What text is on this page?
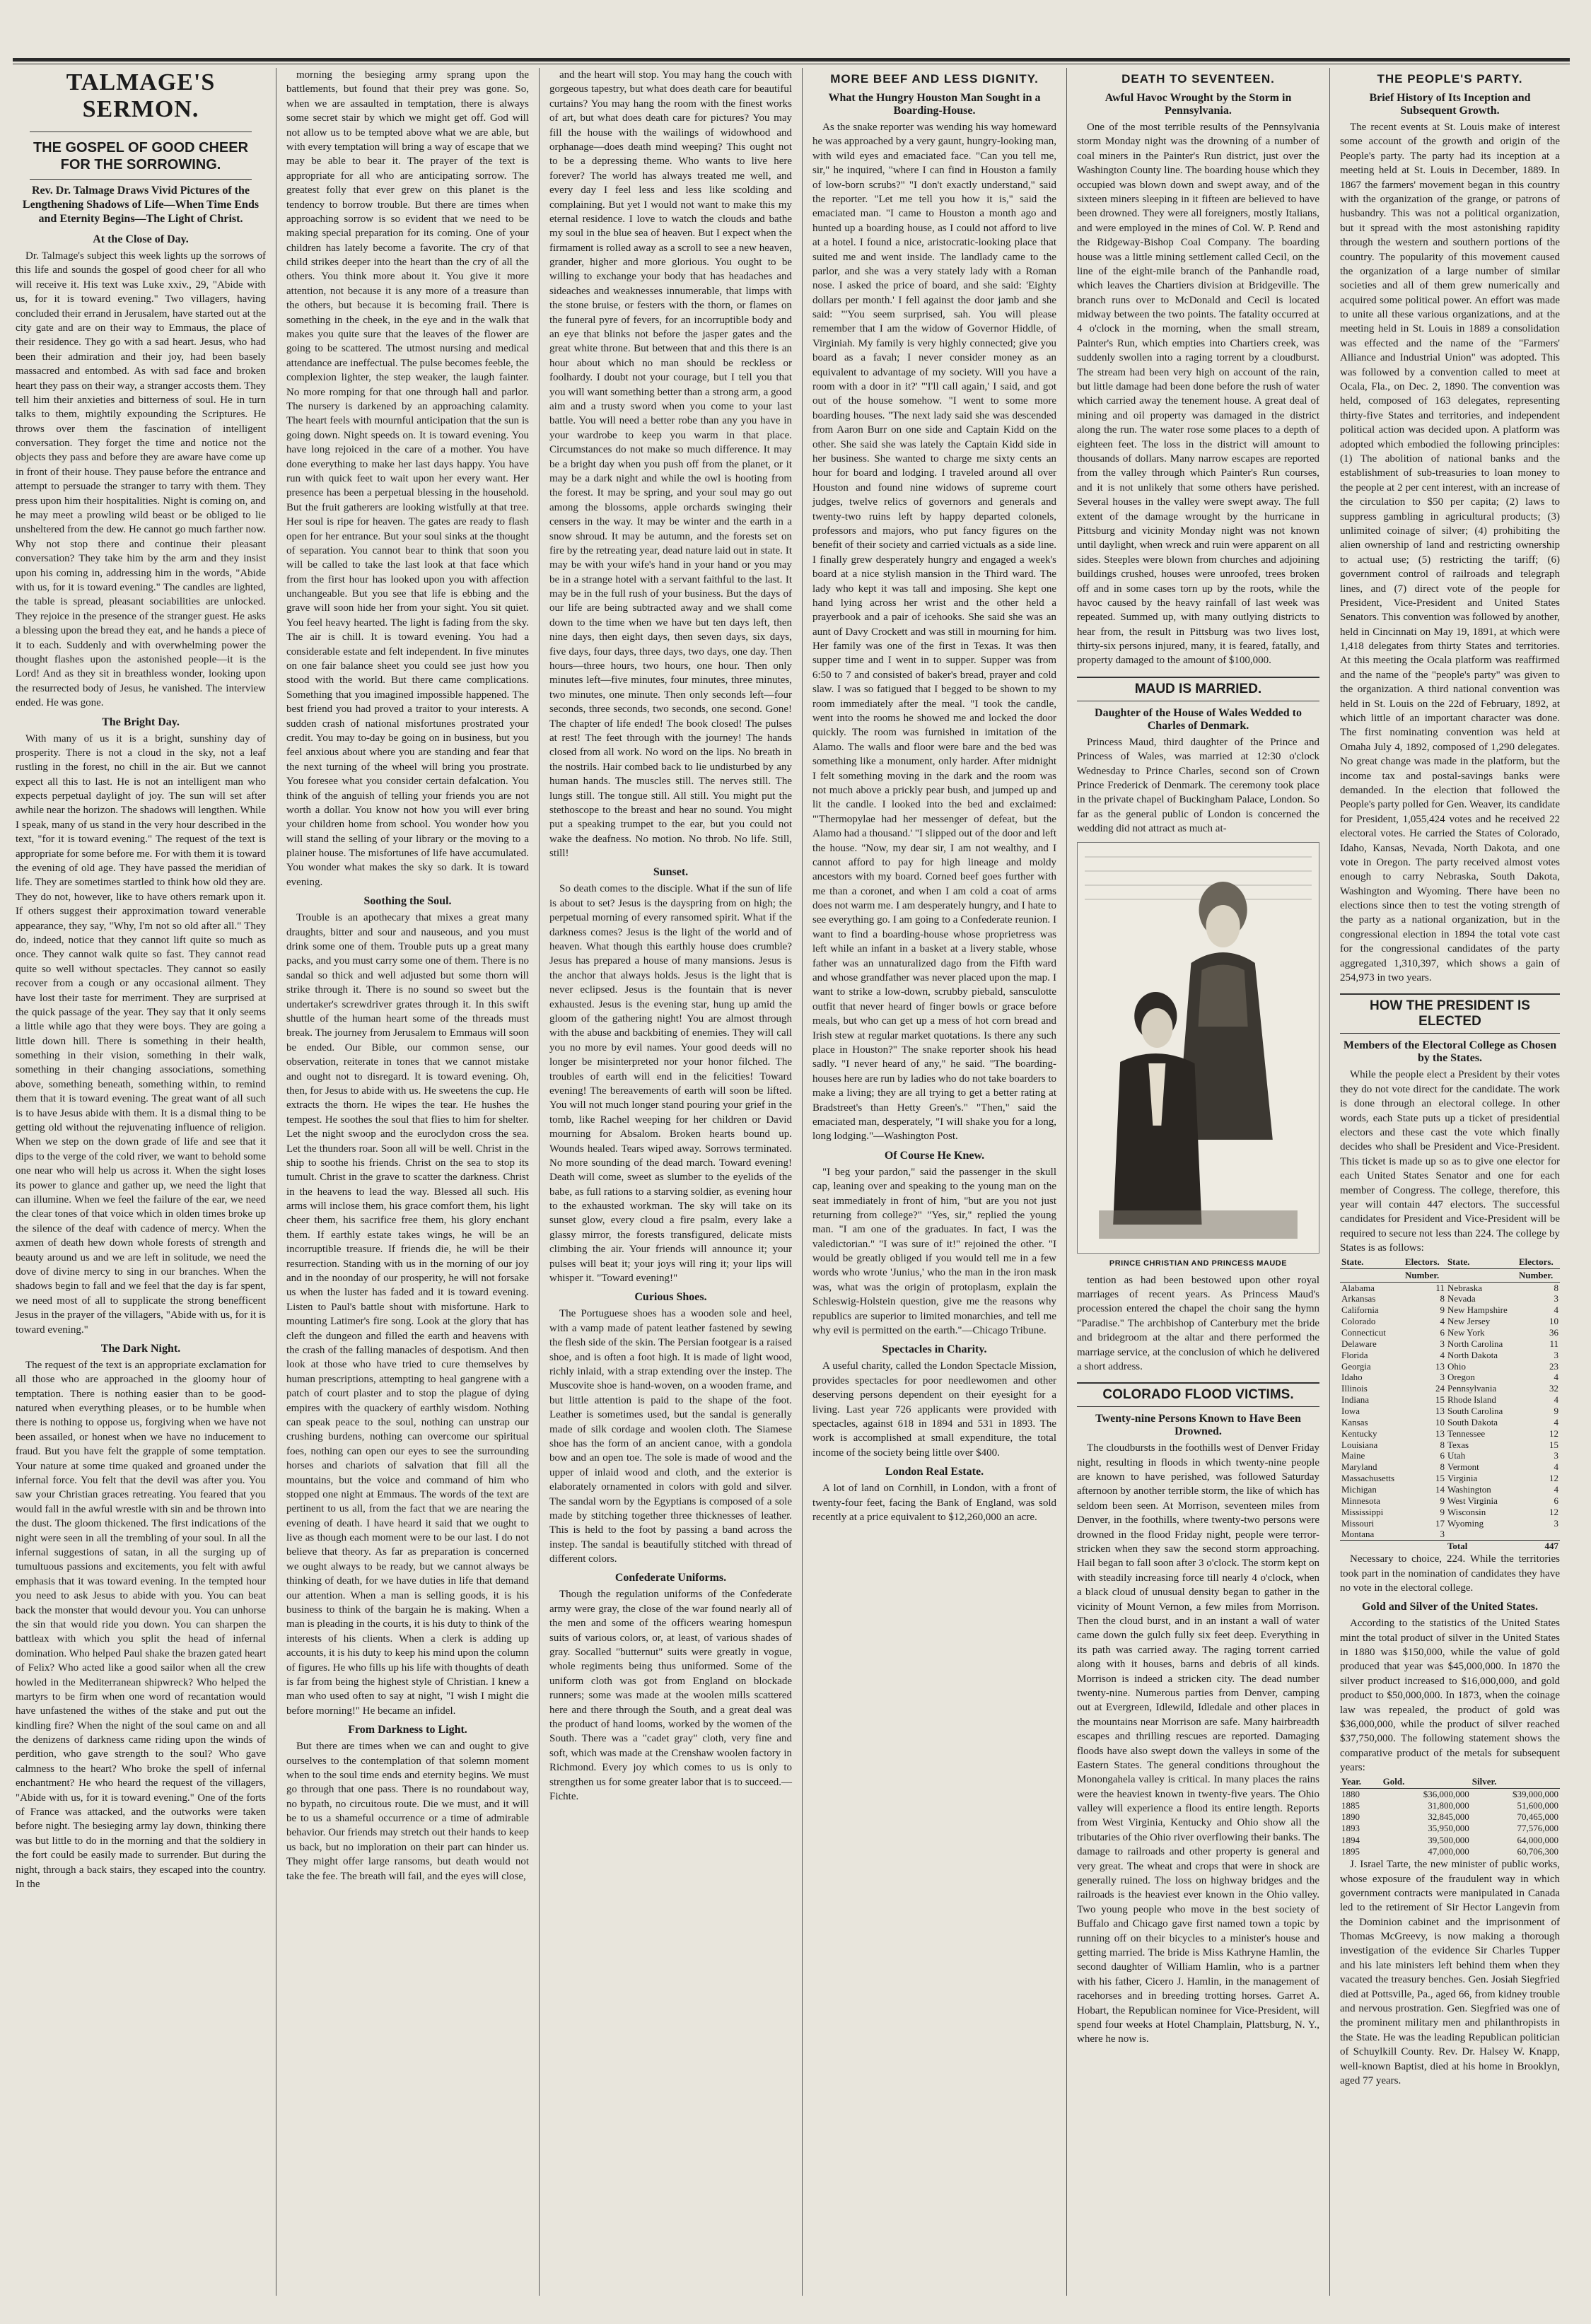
TALMAGE'S SERMON.
THE GOSPEL OF GOOD CHEER FOR THE SORROWING.
Rev. Dr. Talmage Draws Vivid Pictures of the Lengthening Shadows of Life—When Time Ends and Eternity Begins—The Light of Christ.
At the Close of Day.

Dr. Talmage's subject this week lights up the sorrows of this life and sounds the gospel of good cheer for all who will receive it. His text was Luke xxiv., 29, "Abide with us, for it is toward evening." Two villagers, having concluded their errand in Jerusalem, have started out at the city gate and are on their way to Emmaus, the place of their residence. They go with a sad heart. Jesus, who had been their admiration and their joy, had been basely massacred and entombed. As with sad face and broken heart they pass on their way, a stranger accosts them. They tell him their anxieties and bitterness of soul. He in turn talks to them, mightily expounding the Scriptures. He throws over them the fascination of intelligent conversation. They forget the time and notice not the objects they pass and before they are aware have come up in front of their house. They pause before the entrance and attempt to persuade the stranger to tarry with them. They press upon him their hospitalities. Night is coming on, and he may meet a prowling wild beast or be obliged to lie unsheltered from the dew. He cannot go much farther now. Why not stop there and continue their pleasant conversation? They take him by the arm and they insist upon his coming in, addressing him in the words, "Abide with us, for it is toward evening." The candles are lighted, the table is spread, pleasant sociabilities are unlocked. They rejoice in the presence of the stranger guest. He asks a blessing upon the bread they eat, and he hands a piece of it to each. Suddenly and with overwhelming power the thought flashes upon the astonished people—it is the Lord! And as they sit in breathless wonder, looking upon the resurrected body of Jesus, he vanished. The interview ended. He was gone.

The Bright Day.

With many of us it is a bright, sunshiny day of prosperity. There is not a cloud in the sky, not a leaf rustling in the forest, no chill in the air. But we cannot expect all this to last. He is not an intelligent man who expects perpetual daylight of joy. The sun will set after awhile near the horizon. The shadows will lengthen. While I speak, many of us stand in the very hour described in the text, "for it is toward evening." The request of the text is appropriate for some before me. For with them it is toward the evening of old age. They have passed the meridian of life. They are sometimes startled to think how old they are. They do not, however, like to have others remark upon it. If others suggest their approximation toward venerable appearance, they say, "Why, I'm not so old after all." They do, indeed, notice that they cannot lift quite so much as once. They cannot walk quite so fast. They cannot read quite so well without spectacles. They cannot so easily recover from a cough or any occasional ailment. They have lost their taste for merriment. They are surprised at the quick passage of the year. They say that it only seems a little while ago that they were boys. They are going a little down hill. There is something in their health, something in their vision, something in their walk, something in their changing associations, something above, something beneath, something within, to remind them that it is toward evening. The great want of all such is to have Jesus abide with them. It is a dismal thing to be getting old without the rejuvenating influence of religion. When we step on the down grade of life and see that it dips to the verge of the cold river, we want to behold some one near who will help us across it. When the sight loses its power to glance and gather up, we need the light that can illumine. When we feel the failure of the ear, we need the clear tones of that voice which in olden times broke up the silence of the deaf with cadence of mercy. When the axmen of death hew down whole forests of strength and beauty around us and we are left in solitude, we need the dove of divine mercy to sing in our branches. When the shadows begin to fall and we feel that the day is far spent, we need most of all to supplicate the strong benefficent Jesus in the prayer of the villagers, "Abide with us, for it is toward evening."

The Dark Night.

The request of the text is an appropriate exclamation for all those who are approached in the gloomy hour of temptation. There is nothing easier than to be good-natured when everything pleases, or to be humble when there is nothing to oppose us, forgiving when we have not been assailed, or honest when we have no inducement to fraud. But you have felt the grapple of some temptation. Your nature at some time quaked and groaned under the infernal force. You felt that the devil was after you. You saw your Christian graces retreating. You feared that you would fall in the awful wrestle with sin and be thrown into the dust. The gloom thickened. The first indications of the night were seen in all the trembling of your soul. In all the infernal suggestions of satan, in all the surging up of tumultuous passions and excitements, you felt with awful emphasis that it was toward evening. In the tempted hour you need to ask Jesus to abide with you. You can beat back the monster that would devour you. You can unhorse the sin that would ride you down. You can sharpen the battleax with which you split the head of infernal domination. Who helped Paul shake the brazen gated heart of Felix? Who acted like a good sailor when all the crew howled in the Mediterranean shipwreck? Who helped the martyrs to be firm when one word of recantation would have unfastened the withes of the stake and put out the kindling fire? When the night of the soul came on and all the denizens of darkness came riding upon the winds of perdition, who gave strength to the soul? Who gave calmness to the heart? Who broke the spell of infernal enchantment? He who heard the request of the villagers, "Abide with us, for it is toward evening." One of the forts of France was attacked, and the outworks were taken before night. The besieging army lay down, thinking there was but little to do in the morning and that the soldiery in the fort could be easily made to surrender. But during the night, through a back stairs, they escaped into the country. In the

morning the besieging army sprang upon the battlements, but found that their prey was gone. So, when we are assaulted in temptation, there is always some secret stair by which we might get off. God will not allow us to be tempted above what we are able, but with every temptation will bring a way of escape that we may be able to bear it. The prayer of the text is appropriate for all who are anticipating sorrow. The greatest folly that ever grew on this planet is the tendency to borrow trouble. But there are times when approaching sorrow is so evident that we need to be making special preparation for its coming. One of your children has lately become a favorite. The cry of that child strikes deeper into the heart than the cry of all the others. You think more about it. You give it more attention, not because it is any more of a treasure than the others, but because it is becoming frail. There is something in the cheek, in the eye and in the walk that makes you quite sure that the leaves of the flower are going to be scattered. The utmost nursing and medical attendance are ineffectual. The pulse becomes feeble, the complexion lighter, the step weaker, the laugh fainter. No more romping for that one through hall and parlor. The nursery is darkened by an approaching calamity. The heart feels with mournful anticipation that the sun is going down. Night speeds on. It is toward evening. You have long rejoiced in the care of a mother. You have done everything to make her last days happy. You have run with quick feet to wait upon her every want. Her presence has been a perpetual blessing in the household. But the fruit gatherers are looking wistfully at that tree. Her soul is ripe for heaven. The gates are ready to flash open for her entrance. But your soul sinks at the thought of separation. You cannot bear to think that soon you will be called to take the last look at that face which from the first hour has looked upon you with affection unchangeable. But you see that life is ebbing and the grave will soon hide her from your sight. You sit quiet. You feel heavy hearted. The light is fading from the sky. The air is chill. It is toward evening. You had a considerable estate and felt independent. In five minutes on one fair balance sheet you could see just how you stood with the world. But there came complications. Something that you imagined impossible happened. The best friend you had proved a traitor to your interests. A sudden crash of national misfortunes prostrated your credit. You may to-day be going on in business, but you feel anxious about where you are standing and fear that the next turning of the wheel will bring you prostrate. You foresee what you consider certain defalcation. You think of the anguish of telling your friends you are not worth a dollar. You know not how you will ever bring your children home from school. You wonder how you will stand the selling of your library or the moving to a plainer house. The misfortunes of life have accumulated. You wonder what makes the sky so dark. It is toward evening.

Soothing the Soul.

Trouble is an apothecary that mixes a great many draughts, bitter and sour and nauseous, and you must drink some one of them. Trouble puts up a great many packs, and you must carry some one of them. There is no sandal so thick and well adjusted but some thorn will strike through it. There is no sound so sweet but the undertaker's screwdriver grates through it. In this swift shuttle of the human heart some of the threads must break. The journey from Jerusalem to Emmaus will soon be ended. Our Bible, our common sense, our observation, reiterate in tones that we cannot mistake and ought not to disregard. It is toward evening. Oh, then, for Jesus to abide with us. He sweetens the cup. He extracts the thorn. He wipes the tear. He hushes the tempest. He soothes the soul that flies to him for shelter. Let the night swoop and the euroclydon cross the sea. Let the thunders roar. Soon all will be well. Christ in the ship to soothe his friends. Christ on the sea to stop its tumult. Christ in the grave to scatter the darkness. Christ in the heavens to lead the way. Blessed all such. His arms will inclose them, his grace comfort them, his light cheer them, his sacrifice free them, his glory enchant them. If earthly estate takes wings, he will be an incorruptible treasure. If friends die, he will be their resurrection. Standing with us in the morning of our joy and in the noonday of our prosperity, he will not forsake us when the luster has faded and it is toward evening. Listen to Paul's battle shout with misfortune. Hark to mounting Latimer's fire song. Look at the glory that has cleft the dungeon and filled the earth and heavens with the crash of the falling manacles of despotism. And then look at those who have tried to cure themselves by human prescriptions, attempting to heal gangrene with a patch of court plaster and to stop the plague of dying empires with the quackery of earthly wisdom. Nothing can speak peace to the soul, nothing can unstrap our crushing burdens, nothing can overcome our spiritual foes, nothing can open our eyes to see the surrounding horses and chariots of salvation that fill all the mountains, but the voice and command of him who stopped one night at Emmaus. The words of the text are pertinent to us all, from the fact that we are nearing the evening of death. I have heard it said that we ought to live as though each moment were to be our last. I do not believe that theory. As far as preparation is concerned we ought always to be ready, but we cannot always be thinking of death, for we have duties in life that demand our attention. When a man is selling goods, it is his business to think of the bargain he is making. When a man is pleading in the courts, it is his duty to think of the interests of his clients. When a clerk is adding up accounts, it is his duty to keep his mind upon the column of figures. He who fills up his life with thoughts of death is far from being the highest style of Christian. I knew a man who used often to say at night, "I wish I might die before morning!" He became an infidel.

From Darkness to Light.

But there are times when we can and ought to give ourselves to the contemplation of that solemn moment when to the soul time ends and eternity begins. We must go through that one pass. There is no roundabout way, no bypath, no circuitous route. Die we must, and it will be to us a shameful occurrence or a time of admirable behavior. Our friends may stretch out their hands to keep us back, but no imploration on their part can hinder us. They might offer large ransoms, but death would not take the fee. The breath will fail, and the eyes will close,

and the heart will stop. You may hang the couch with gorgeous tapestry, but what does death care for beautiful curtains? You may hang the room with the finest works of art, but what does death care for pictures? You may fill the house with the wailings of widowhood and orphanage—does death mind weeping? This ought not to be a depressing theme. Who wants to live here forever? The world has always treated me well, and every day I feel less and less like scolding and complaining. But yet I would not want to make this my eternal residence. I love to watch the clouds and bathe my soul in the blue sea of heaven. But I expect when the firmament is rolled away as a scroll to see a new heaven, grander, higher and more glorious. You ought to be willing to exchange your body that has headaches and sideaches and weaknesses innumerable, that limps with the stone bruise, or festers with the thorn, or flames on the funeral pyre of fevers, for an incorruptible body and an eye that blinks not before the jasper gates and the great white throne. But between that and this there is an hour about which no man should be reckless or foolhardy. I doubt not your courage, but I tell you that you will want something better than a strong arm, a good aim and a trusty sword when you come to your last battle. You will need a better robe than any you have in your wardrobe to keep you warm in that place. Circumstances do not make so much difference. It may be a bright day when you push off from the planet, or it may be a dark night and while the owl is hooting from the forest. It may be spring, and your soul may go out among the blossoms, apple orchards swinging their censers in the way. It may be winter and the earth in a snow shroud. It may be autumn, and the forests set on fire by the retreating year, dead nature laid out in state. It may be with your wife's hand in your hand or you may be in a strange hotel with a servant faithful to the last. It may be in the full rush of your business. But the days of our life are being subtracted away and we shall come down to the time when we have but ten days left, then nine days, then eight days, then seven days, six days, five days, four days, three days, two days, one day. Then hours—three hours, two hours, one hour. Then only minutes left—five minutes, four minutes, three minutes, two minutes, one minute. Then only seconds left—four seconds, three seconds, two seconds, one second. Gone! The chapter of life ended! The book closed! The pulses at rest! The feet through with the journey! The hands closed from all work. No word on the lips. No breath in the nostrils. Hair combed back to lie undisturbed by any human hands. The muscles still. The nerves still. The lungs still. The tongue still. All still. You might put the stethoscope to the breast and hear no sound. You might put a speaking trumpet to the ear, but you could not wake the deafness. No motion. No throb. No life. Still, still!

Sunset.

So death comes to the disciple. What if the sun of life is about to set? Jesus is the dayspring from on high; the perpetual morning of every ransomed spirit. What if the darkness comes? Jesus is the light of the world and of heaven. What though this earthly house does crumble? Jesus has prepared a house of many mansions. Jesus is the anchor that always holds. Jesus is the light that is never eclipsed. Jesus is the fountain that is never exhausted. Jesus is the evening star, hung up amid the gloom of the gathering night! You are almost through with the abuse and backbiting of enemies. They will call you no more by evil names. Your good deeds will no longer be misinterpreted nor your honor filched. The troubles of earth will end in the felicities! Toward evening! The bereavements of earth will soon be lifted. You will not much longer stand pouring your grief in the tomb, like Rachel weeping for her children or David mourning for Absalom. Broken hearts bound up. Wounds healed. Tears wiped away. Sorrows terminated. No more sounding of the dead march. Toward evening! Death will come, sweet as slumber to the eyelids of the babe, as full rations to a starving soldier, as evening hour to the exhausted workman. The sky will take on its sunset glow, every cloud a fire psalm, every lake a glassy mirror, the forests transfigured, delicate mists climbing the air. Your friends will announce it; your pulses will beat it; your joys will ring it; your lips will whisper it. "Toward evening!"

Curious Shoes.

The Portuguese shoes has a wooden sole and heel, with a vamp made of patent leather fastened by sewing the flesh side of the skin. The Persian footgear is a raised shoe, and is often a foot high. It is made of light wood, richly inlaid, with a strap extending over the instep. The Muscovite shoe is hand-woven, on a wooden frame, and but little attention is paid to the shape of the foot. Leather is sometimes used, but the sandal is generally made of silk cordage and woolen cloth. The Siamese shoe has the form of an ancient canoe, with a gondola bow and an open toe. The sole is made of wood and the upper of inlaid wood and cloth, and the exterior is elaborately ornamented in colors with gold and silver. The sandal worn by the Egyptians is composed of a sole made by stitching together three thicknesses of leather. This is held to the foot by passing a band across the instep. The sandal is beautifully stitched with thread of different colors.

Confederate Uniforms.

Though the regulation uniforms of the Confederate army were gray, the close of the war found nearly all of the men and some of the officers wearing homespun suits of various colors, or, at least, of various shades of gray. Socalled "butternut" suits were greatly in vogue, whole regiments being thus uniformed. Some of the uniform cloth was got from England on blockade runners; some was made at the woolen mills scattered here and there through the South, and a great deal was the product of hand looms, worked by the women of the South. There was a "cadet gray" cloth, very fine and soft, which was made at the Crenshaw woolen factory in Richmond. Every joy which comes to us is only to strengthen us for some greater labor that is to succeed.—Fichte.

MORE BEEF AND LESS DIGNITY.
What the Hungry Houston Man Sought in a Boarding-House.

As the snake reporter was wending his way homeward he was approached by a very gaunt, hungry-looking man, with wild eyes and emaciated face. "Can you tell me, sir," he inquired, "where I can find in Houston a family of low-born scrubs?" "I don't exactly understand," said the reporter. "Let me tell you how it is," said the emaciated man. "I came to Houston a month ago and hunted up a boarding house, as I could not afford to live at a hotel. I found a nice, aristocratic-looking place that suited me and went inside. The landlady came to the parlor, and she was a very stately lady with a Roman nose. I asked the price of board, and she said: 'Eighty dollars per month.' I fell against the door jamb and she said: "'You seem surprised, sah. You will please remember that I am the widow of Governor Hiddle, of Virginiah. My family is very highly connected; give you board as a favah; I never consider money as an equivalent to advantage of my society. Will you have a room with a door in it?' "'I'll call again,' I said, and got out of the house somehow. "I went to some more boarding houses. "The next lady said she was descended from Aaron Burr on one side and Captain Kidd on the other. She said she was lately the Captain Kidd side in her business. She wanted to charge me sixty cents an hour for board and lodging. I traveled around all over Houston and found nine widows of supreme court judges, twelve relics of governors and generals and twenty-two ruins left by happy departed colonels, professors and majors, who put fancy figures on the benefit of their society and carried victuals as a side line. I finally grew desperately hungry and engaged a week's board at a nice stylish mansion in the Third ward. The lady who kept it was tall and imposing. She kept one hand lying across her wrist and the other held a prayerbook and a pair of icehooks. She said she was an aunt of Davy Crockett and was still in mourning for him. Her family was one of the first in Texas. It was then supper time and I went in to supper. Supper was from 6:50 to 7 and consisted of baker's bread, prayer and cold slaw. I was so fatigued that I begged to be shown to my room immediately after the meal. "I took the candle, went into the rooms he showed me and locked the door quickly. The room was furnished in imitation of the Alamo. The walls and floor were bare and the bed was something like a monument, only harder. After midnight I felt something moving in the dark and the room was not much above a prickly pear bush, and jumped up and lit the candle. I looked into the bed and exclaimed: "'Thermopylae had her messenger of defeat, but the Alamo had a thousand.' "I slipped out of the door and left the house. "Now, my dear sir, I am not wealthy, and I cannot afford to pay for high lineage and moldy ancestors with my board. Corned beef goes further with me than a coronet, and when I am cold a coat of arms does not warm me. I am desperately hungry, and I hate to see everything go. I am going to a Confederate reunion. I want to find a boarding-house whose proprietress was left while an infant in a basket at a livery stable, whose father was an unnaturalized dago from the Fifth ward and whose grandfather was never placed upon the map. I want to strike a low-down, scrubby piebald, sansculotte outfit that never heard of finger bowls or grace before meals, but who can get up a mess of hot corn bread and Irish stew at regular market quotations. Is there any such place in Houston?" The snake reporter shook his head sadly. "I never heard of any," he said. "The boarding-houses here are run by ladies who do not take boarders to make a living; they are all trying to get a better rating at Bradstreet's than Hetty Green's." "Then," said the emaciated man, desperately, "I will shake you for a long, long lodging."—Washington Post.

Of Course He Knew.

"I beg your pardon," said the passenger in the skull cap, leaning over and speaking to the young man on the seat immediately in front of him, "but are you not just returning from college?" "Yes, sir," replied the young man. "I am one of the graduates. In fact, I was the valedictorian." "I was sure of it!" rejoined the other. "I would be greatly obliged if you would tell me in a few words who wrote 'Junius,' who the man in the iron mask was, what was the origin of protoplasm, explain the Schleswig-Holstein question, give me the reasons why republics are superior to limited monarchies, and tell me why evil is permitted on the earth."—Chicago Tribune.

Spectacles in Charity.

A useful charity, called the London Spectacle Mission, provides spectacles for poor needlewomen and other deserving persons dependent on their eyesight for a living. Last year 726 applicants were provided with spectacles, against 618 in 1894 and 531 in 1893. The work is accomplished at small expenditure, the total income of the society being little over $400.

London Real Estate.

A lot of land on Cornhill, in London, with a front of twenty-four feet, facing the Bank of England, was sold recently at a price equivalent to $12,260,000 an acre.

DEATH TO SEVENTEEN.
Awful Havoc Wrought by the Storm in Pennsylvania.

One of the most terrible results of the Pennsylvania storm Monday night was the drowning of a number of coal miners in the Painter's Run district, just over the Washington County line. The boarding house which they occupied was blown down and swept away, and of the sixteen miners sleeping in it fifteen are believed to have been drowned. They were all foreigners, mostly Italians, and were employed in the mines of Col. W. P. Rend and the Ridgeway-Bishop Coal Company. The boarding house was a little mining settlement called Cecil, on the line of the eight-mile branch of the Panhandle road, which leaves the Chartiers division at Bridgeville. The branch runs over to McDonald and Cecil is located midway between the two points. The fatality occurred at 4 o'clock in the morning, when the small stream, Painter's Run, which empties into Chartiers creek, was suddenly swollen into a raging torrent by a cloudburst. The stream had been very high on account of the rain, but little damage had been done before the rush of water which carried away the tenement house. A great deal of mining and oil property was damaged in the district along the run. The water rose some places to a depth of eighteen feet. The loss in the district will amount to thousands of dollars. Many narrow escapes are reported from the valley through which Painter's Run courses, and it is not unlikely that some others have perished. Several houses in the valley were swept away. The full extent of the damage wrought by the hurricane in Pittsburg and vicinity Monday night was not known until daylight, when wreck and ruin were apparent on all sides. Steeples were blown from churches and adjoining buildings crushed, houses were unroofed, trees broken off and in some cases torn up by the roots, while the havoc caused by the heavy rainfall of last week was repeated. Summed up, with many outlying districts to hear from, the result in Pittsburg was two lives lost, thirty-six persons injured, many, it is feared, fatally, and property damaged to the amount of $100,000.

MAUD IS MARRIED.
Daughter of the House of Wales Wedded to Charles of Denmark.

Princess Maud, third daughter of the Prince and Princess of Wales, was married at 12:30 o'clock Wednesday to Prince Charles, second son of Crown Prince Frederick of Denmark. The ceremony took place in the private chapel of Buckingham Palace, London. So far as the general public of London is concerned the wedding did not attract as much at-

PRINCE CHRISTIAN AND PRINCESS MAUDE

tention as had been bestowed upon other royal marriages of recent years. As Princess Maud's procession entered the chapel the choir sang the hymn "Paradise." The archbishop of Canterbury met the bride and bridegroom at the altar and there performed the marriage service, at the conclusion of which he delivered a short address.

COLORADO FLOOD VICTIMS.
Twenty-nine Persons Known to Have Been Drowned.

The cloudbursts in the foothills west of Denver Friday night, resulting in floods in which twenty-nine people are known to have perished, was followed Saturday afternoon by another terrible storm, the like of which has seldom been seen. At Morrison, seventeen miles from Denver, in the foothills, where twenty-two persons were drowned in the flood Friday night, people were terror-stricken when they saw the second storm approaching. Hail began to fall soon after 3 o'clock. The storm kept on with steadily increasing force till nearly 4 o'clock, when a black cloud of unusual density began to gather in the vicinity of Mount Vernon, a few miles from Morrison. Then the cloud burst, and in an instant a wall of water came down the gulch fully six feet deep. Everything in its path was carried away. The raging torrent carried along with it houses, barns and debris of all kinds. Morrison is indeed a stricken city. The dead number twenty-nine. Numerous parties from Denver, camping out at Evergreen, Idlewild, Idledale and other places in the mountains near Morrison are safe. Many hairbreadth escapes and thrilling rescues are reported. Damaging floods have also swept down the valleys in some of the Eastern States. The general conditions throughout the Monongahela valley is critical. In many places the rains were the heaviest known in twenty-five years. The Ohio valley will experience a flood its entire length. Reports from West Virginia, Kentucky and Ohio show all the tributaries of the Ohio river overflowing their banks. The damage to railroads and other property is general and very great. The wheat and crops that were in shock are generally ruined. The loss on highway bridges and the railroads is the heaviest ever known in the Ohio valley. Two young people who move in the best society of Buffalo and Chicago gave first named town a topic by running off on their bicycles to a minister's house and getting married. The bride is Miss Kathryne Hamlin, the second daughter of William Hamlin, who is a partner with his father, Cicero J. Hamlin, in the management of racehorses and in breeding trotting horses. Garret A. Hobart, the Republican nominee for Vice-President, will spend four weeks at Hotel Champlain, Plattsburg, N. Y., where he now is.

THE PEOPLE'S PARTY.
Brief History of Its Inception and Subsequent Growth.

The recent events at St. Louis make of interest some account of the growth and origin of the People's party. The party had its inception at a meeting held at St. Louis in December, 1889. In 1867 the farmers' movement began in this country with the organization of the grange, or patrons of husbandry. This was not a political organization, but it spread with the most astonishing rapidity through the western and southern portions of the country. The popularity of this movement caused the organization of a large number of similar societies and all of them grew numerically and acquired some political power. An effort was made to unite all these various organizations, and at the meeting held in St. Louis in 1889 a consolidation was effected and the name of the "Farmers' Alliance and Industrial Union" was adopted. This was followed by a convention called to meet at Ocala, Fla., on Dec. 2, 1890. The convention was held, composed of 163 delegates, representing thirty-five States and territories, and independent political action was decided upon. A platform was adopted which embodied the following principles: (1) The abolition of national banks and the establishment of sub-treasuries to loan money to the people at 2 per cent interest, with an increase of the circulation to $50 per capita; (2) laws to suppress gambling in agricultural products; (3) unlimited coinage of silver; (4) prohibiting the alien ownership of land and restricting ownership to actual use; (5) restricting the tariff; (6) government control of railroads and telegraph lines, and (7) direct vote of the people for President, Vice-President and United States Senators. This convention was followed by another, held in Cincinnati on May 19, 1891, at which were 1,418 delegates from thirty States and territories. At this meeting the Ocala platform was reaffirmed and the name of the "people's party" was given to the organization. A third national convention was held in St. Louis on the 22d of February, 1892, at which little of an important character was done. The first nominating convention was held at Omaha July 4, 1892, composed of 1,290 delegates. No great change was made in the platform, but the income tax and postal-savings banks were demanded. In the election that followed the People's party polled for Gen. Weaver, its candidate for President, 1,055,424 votes and he received 22 electoral votes. He carried the States of Colorado, Idaho, Kansas, Nevada, North Dakota, and one vote in Oregon. The party received almost votes enough to carry Nebraska, South Dakota, Washington and Wyoming. There have been no elections since then to test the voting strength of the party as a national organization, but in the congressional election in 1894 the total vote cast for the congressional candidates of the party aggregated 1,310,397, which shows a gain of 254,973 in two years.

HOW THE PRESIDENT IS ELECTED
Members of the Electoral College as Chosen by the States.

While the people elect a President by their votes they do not vote direct for the candidate. The work is done through an electoral college. In other words, each State puts up a ticket of presidential electors and these cast the vote which finally decides who shall be President and Vice-President. This ticket is made up so as to give one elector for each United States Senator and one for each member of Congress. The college, therefore, this year will contain 447 electors. The successful candidates for President and Vice-President will be required to secure not less than 224. The college by States is as follows:

State.	Electors.	State.	Electors.
	Number.		Number.
Alabama	11	Nebraska	8
Arkansas	8	Nevada	3
California	9	New Hampshire	4
Colorado	4	New Jersey	10
Connecticut	6	New York	36
Delaware	3	North Carolina	11
Florida	4	North Dakota	3
Georgia	13	Ohio	23
Idaho	3	Oregon	4
Illinois	24	Pennsylvania	32
Indiana	15	Rhode Island	4
Iowa	13	South Carolina	9
Kansas	10	South Dakota	4
Kentucky	13	Tennessee	12
Louisiana	8	Texas	15
Maine	6	Utah	3
Maryland	8	Vermont	4
Massachusetts	15	Virginia	12
Michigan	14	Washington	4
Minnesota	9	West Virginia	6
Mississippi	9	Wisconsin	12
Missouri	17	Wyoming	3
Montana	3		
		Total	447

Necessary to choice, 224. While the territories took part in the nomination of candidates they have no vote in the electoral college.

Gold and Silver of the United States.

According to the statistics of the United States mint the total product of silver in the United States in 1880 was $150,000, while the value of gold produced that year was $45,000,000. In 1870 the silver product increased to $16,000,000, and gold product to $50,000,000. In 1873, when the coinage law was repealed, the product of gold was $36,000,000, while the product of silver reached $37,750,000. The following statement shows the comparative product of the metals for subsequent years:

Year.	Gold.	Silver.
1880	$36,000,000	$39,000,000
1885	31,800,000	51,600,000
1890	32,845,000	70,465,000
1893	35,950,000	77,576,000
1894	39,500,000	64,000,000
1895	47,000,000	60,706,300

J. Israel Tarte, the new minister of public works, whose exposure of the fraudulent way in which government contracts were manipulated in Canada led to the retirement of Sir Hector Langevin from the Dominion cabinet and the imprisonment of Thomas McGreevy, is now making a thorough investigation of the evidence Sir Charles Tupper and his late ministers left behind them when they vacated the treasury benches. Gen. Josiah Siegfried died at Pottsville, Pa., aged 66, from kidney trouble and nervous prostration. Gen. Siegfried was one of the prominent military men and philanthropists in the State. He was the leading Republican politician of Schuylkill County. Rev. Dr. Halsey W. Knapp, well-known Baptist, died at his home in Brooklyn, aged 77 years.
